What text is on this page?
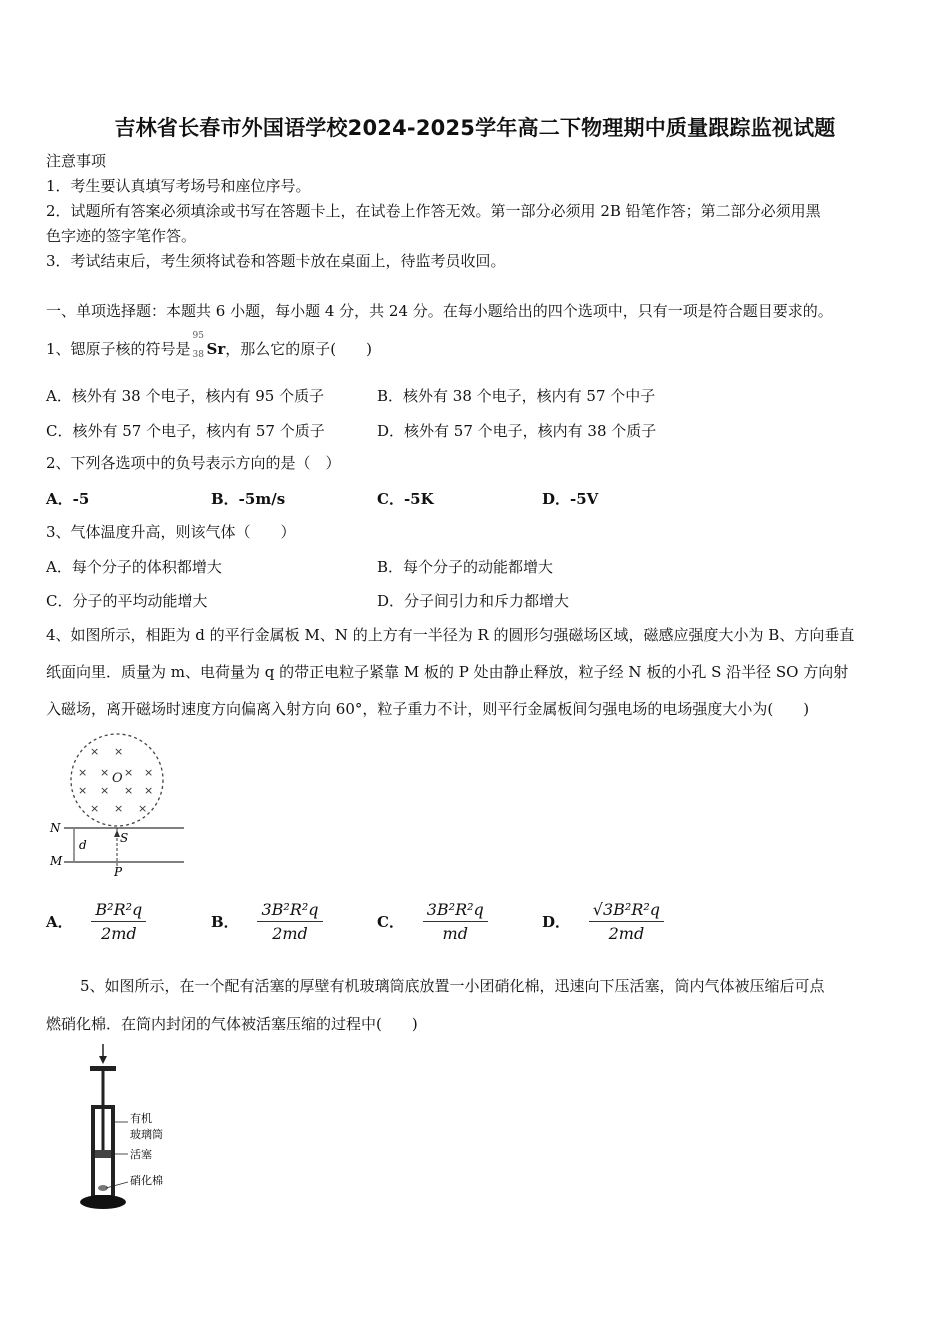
吉林省长春市外国语学校2024-2025学年高二下物理期中质量跟踪监视试题
注意事项
1．考生要认真填写考场号和座位序号。
2．试题所有答案必须填涂或书写在答题卡上，在试卷上作答无效。第一部分必须用 2B 铅笔作答；第二部分必须用黑
色字迹的签字笔作答。
3．考试结束后，考生须将试卷和答题卡放在桌面上，待监考员收回。
一、单项选择题：本题共 6 小题，每小题 4 分，共 24 分。在每小题给出的四个选项中，只有一项是符合题目要求的。
1、锶原子核的符号是
95
38 Sr，那么它的原子(　　)
A．核外有 38 个电子，核内有 95 个质子	B．核外有 38 个电子，核内有 57 个中子
C．核外有 57 个电子，核内有 57 个质子	D．核外有 57 个电子，核内有 38 个质子
2、下列各选项中的负号表示方向的是（　）
A．-5	B．-5m/s	C．-5K	D．-5V
3、气体温度升高，则该气体（　　）
A．每个分子的体积都增大	B．每个分子的动能都增大
C．分子的平均动能增大	D．分子间引力和斥力都增大
4、如图所示，相距为 d 的平行金属板 M、N 的上方有一半径为 R 的圆形匀强磁场区域，磁感应强度大小为 B、方向垂直
纸面向里．质量为 m、电荷量为 q 的带正电粒子紧靠 M 板的 P 处由静止释放，粒子经 N 板的小孔 S 沿半径 SO 方向射
入磁场，离开磁场时速度方向偏离入射方向 60°，粒子重力不计，则平行金属板间匀强电场的电场强度大小为(　　)
× ×
× × × ×
× × × ×
× × ×
O
N
M
d	S
P
A． $\frac{\text{B²R²q}}{2md}$	B． $\frac{\text{3B²R²q}}{2md}$	C． $\frac{\text{3B²R²q}}{md}$	D． $\frac{\text{√3B²R²q}}{2md}$
5、如图所示，在一个配有活塞的厚壁有机玻璃筒底放置一小团硝化棉，迅速向下压活塞，筒内气体被压缩后可点
燃硝化棉．在筒内封闭的气体被活塞压缩的过程中(　　)
有机
玻璃筒
活塞
硝化棉
